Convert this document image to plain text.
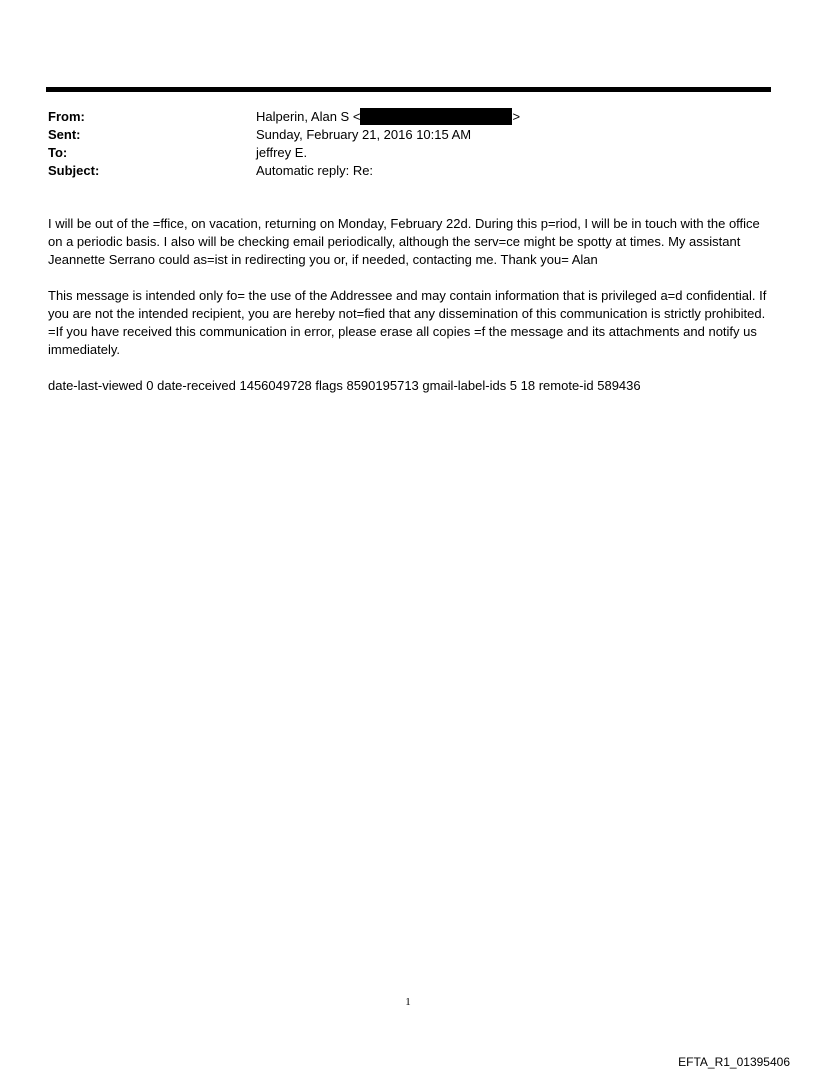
From:	Halperin, Alan S <	>
Sent:	Sunday, February 21, 2016 10:15 AM
To:	jeffrey E.
Subject:	Automatic reply: Re:

I will be out of the =ffice, on vacation, returning on Monday, February 22d. During this p=riod, I will be in touch with the office on a periodic basis. I also will be checking email periodically, although the serv=ce might be spotty at times. My assistant Jeannette Serrano could as=ist in redirecting you or, if needed, contacting me. Thank you= Alan

This message is intended only fo= the use of the Addressee and may contain information that is privileged a=d confidential. If you are not the intended recipient, you are hereby not=fied that any dissemination of this communication is strictly prohibited. =If you have received this communication in error, please erase all copies =f the message and its attachments and notify us immediately.

date-last-viewed 0 date-received 1456049728 flags 8590195713 gmail-label-ids 5 18 remote-id 589436

1
EFTA_R1_01395406
